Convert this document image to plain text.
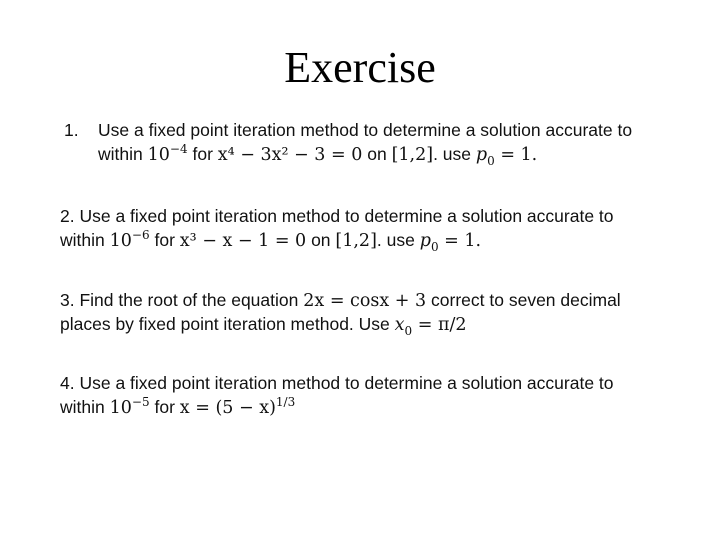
Exercise
1. Use a fixed point iteration method to determine a solution accurate to
within $10^{-4}$ for x⁴ − 3x² − 3 = 0 on [1,2]. use $p_0 = 1$.
2. Use a fixed point iteration method to determine a solution accurate to
within $10^{-6}$ for x³ − x − 1 = 0 on [1,2]. use $p_0 = 1$.
3. Find the root of the equation 2x = cosx + 3 correct to seven decimal
places by fixed point iteration method. Use $x_0 = \pi/2$
4. Use a fixed point iteration method to determine a solution accurate to
within $10^{-5}$ for $x = (5 - x)^{1/3}$
